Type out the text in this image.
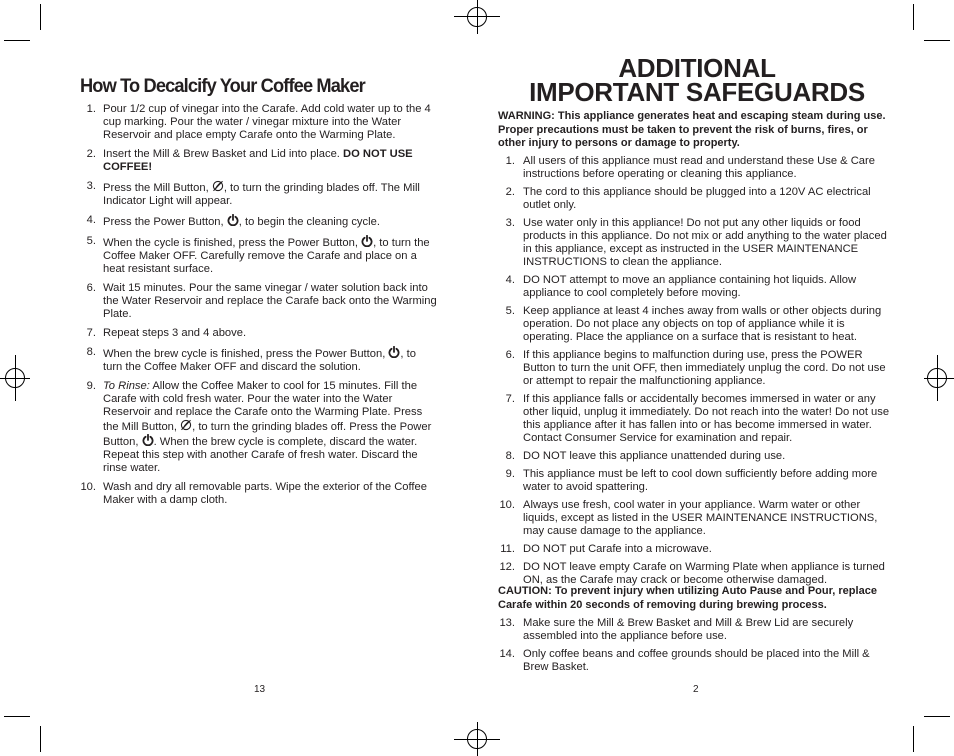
How To Decalcify Your Coffee Maker
1. Pour 1/2 cup of vinegar into the Carafe. Add cold water up to the 4 cup marking. Pour the water / vinegar mixture into the Water Reservoir and place empty Carafe onto the Warming Plate.
2. Insert the Mill & Brew Basket and Lid into place. DO NOT USE COFFEE!
3. Press the Mill Button, , to turn the grinding blades off. The Mill Indicator Light will appear.
4. Press the Power Button, , to begin the cleaning cycle.
5. When the cycle is finished, press the Power Button, , to turn the Coffee Maker OFF. Carefully remove the Carafe and place on a heat resistant surface.
6. Wait 15 minutes. Pour the same vinegar / water solution back into the Water Reservoir and replace the Carafe back onto the Warming Plate.
7. Repeat steps 3 and 4 above.
8. When the brew cycle is finished, press the Power Button, , to turn the Coffee Maker OFF and discard the solution.
9. To Rinse: Allow the Coffee Maker to cool for 15 minutes. Fill the Carafe with cold fresh water. Pour the water into the Water Reservoir and replace the Carafe onto the Warming Plate. Press the Mill Button, , to turn the grinding blades off. Press the Power Button, . When the brew cycle is complete, discard the water. Repeat this step with another Carafe of fresh water. Discard the rinse water.
10. Wash and dry all removable parts. Wipe the exterior of the Coffee Maker with a damp cloth.
13
ADDITIONAL
IMPORTANT SAFEGUARDS
WARNING: This appliance generates heat and escaping steam during use. Proper precautions must be taken to prevent the risk of burns, fires, or other injury to persons or damage to property.
1. All users of this appliance must read and understand these Use & Care instructions before operating or cleaning this appliance.
2. The cord to this appliance should be plugged into a 120V AC electrical outlet only.
3. Use water only in this appliance! Do not put any other liquids or food products in this appliance. Do not mix or add anything to the water placed in this appliance, except as instructed in the USER MAINTENANCE INSTRUCTIONS to clean the appliance.
4. DO NOT attempt to move an appliance containing hot liquids. Allow appliance to cool completely before moving.
5. Keep appliance at least 4 inches away from walls or other objects during operation. Do not place any objects on top of appliance while it is operating. Place the appliance on a surface that is resistant to heat.
6. If this appliance begins to malfunction during use, press the POWER Button to turn the unit OFF, then immediately unplug the cord. Do not use or attempt to repair the malfunctioning appliance.
7. If this appliance falls or accidentally becomes immersed in water or any other liquid, unplug it immediately. Do not reach into the water! Do not use this appliance after it has fallen into or has become immersed in water. Contact Consumer Service for examination and repair.
8. DO NOT leave this appliance unattended during use.
9. This appliance must be left to cool down sufficiently before adding more water to avoid spattering.
10. Always use fresh, cool water in your appliance. Warm water or other liquids, except as listed in the USER MAINTENANCE INSTRUCTIONS, may cause damage to the appliance.
11. DO NOT put Carafe into a microwave.
12. DO NOT leave empty Carafe on Warming Plate when appliance is turned ON, as the Carafe may crack or become otherwise damaged.
CAUTION: To prevent injury when utilizing Auto Pause and Pour, replace Carafe within 20 seconds of removing during brewing process.
13. Make sure the Mill & Brew Basket and Mill & Brew Lid are securely assembled into the appliance before use.
14. Only coffee beans and coffee grounds should be placed into the Mill & Brew Basket.
2
